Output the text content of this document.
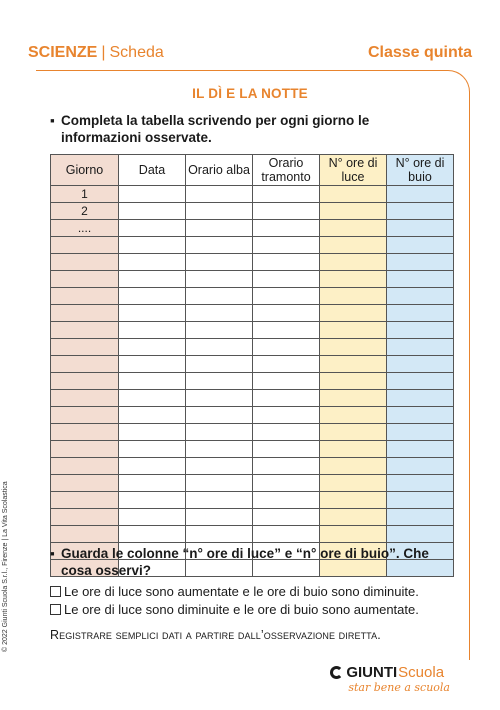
SCIENZE | Scheda	Classe quinta
IL DÌ E LA NOTTE
▪ Completa la tabella scrivendo per ogni giorno le informazioni osservate.
Giorno	Data	Orario alba	Orario tramonto	N° ore di luce	N° ore di buio
1					
2					
....					

▪ Guarda le colonne “n° ore di luce” e “n° ore di buio”. Che cosa osservi?
Le ore di luce sono aumentate e le ore di buio sono diminuite.
Le ore di luce sono diminuite e le ore di buio sono aumentate.
Registrare semplici dati a partire dall’osservazione diretta.
© 2022 Giunti Scuola S.r.l., Firenze | La Vita Scolastica
GIUNTI Scuola
star bene a scuola
